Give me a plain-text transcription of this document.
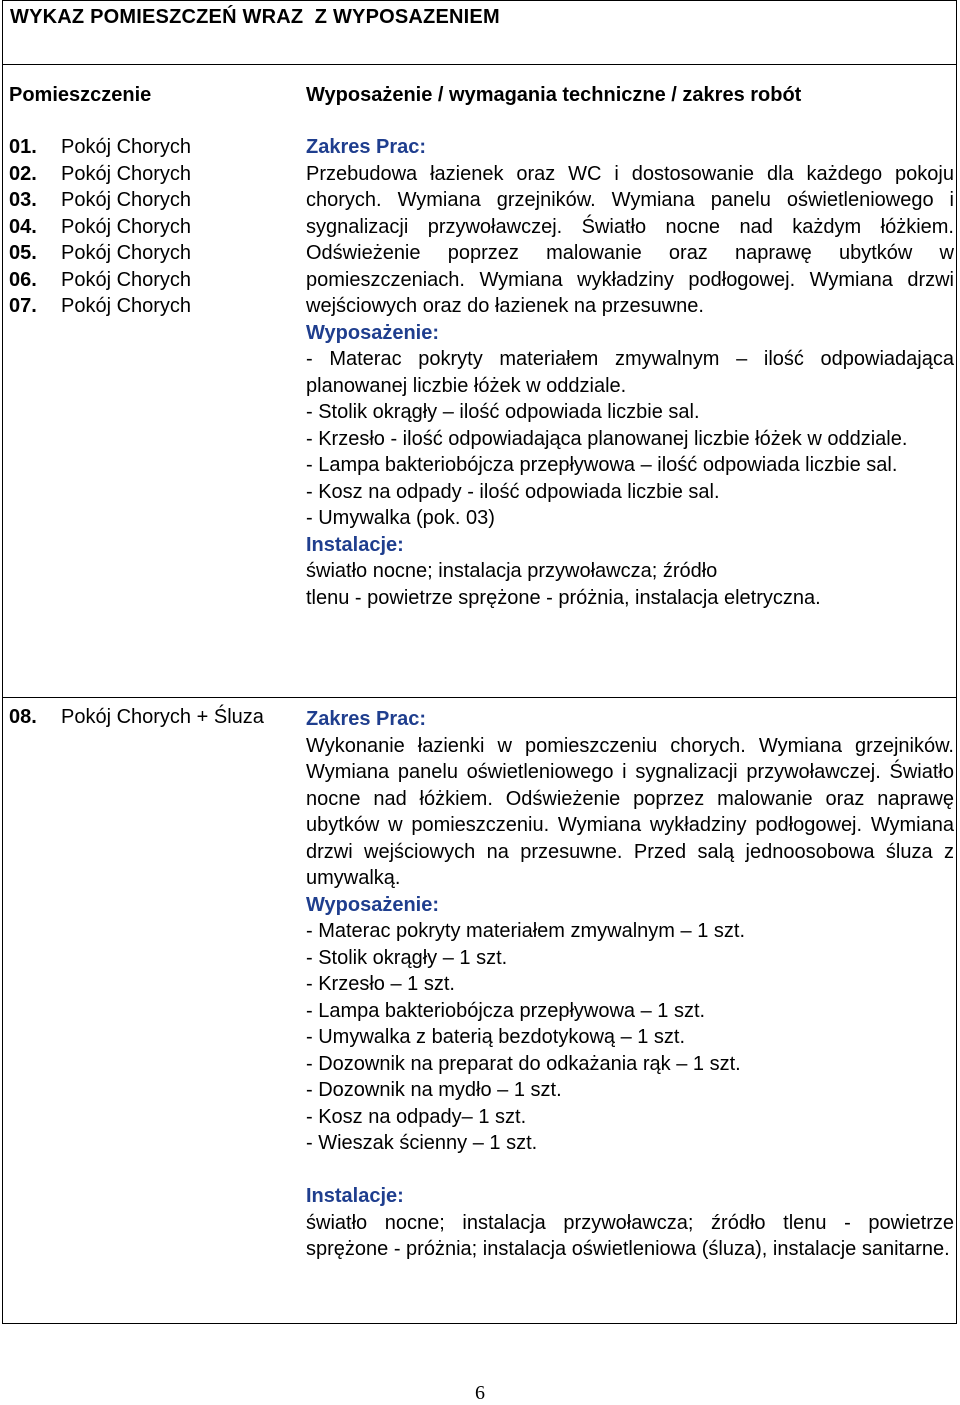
WYKAZ POMIESZCZEŃ WRAZ  Z WYPOSAZENIEM
Pomieszczenie	Wyposażenie / wymagania techniczne / zakres robót
01. Pokój Chorych
02. Pokój Chorych
03. Pokój Chorych
04. Pokój Chorych
05. Pokój Chorych
06. Pokój Chorych
07. Pokój Chorych
Zakres Prac:
Przebudowa łazienek oraz WC i dostosowanie dla każdego pokoju chorych. Wymiana grzejników. Wymiana panelu oświetleniowego i sygnalizacji przywoławczej. Światło nocne nad każdym łóżkiem. Odświeżenie poprzez malowanie oraz naprawę ubytków w pomieszczeniach. Wymiana wykładziny podłogowej. Wymiana drzwi wejściowych oraz do łazienek na przesuwne.
Wyposażenie:
- Materac pokryty materiałem zmywalnym – ilość odpowiadająca planowanej liczbie łóżek w oddziale.
- Stolik okrągły – ilość odpowiada liczbie sal.
- Krzesło - ilość odpowiadająca planowanej liczbie łóżek w oddziale.
- Lampa bakteriobójcza przepływowa – ilość odpowiada liczbie sal.
- Kosz na odpady - ilość odpowiada liczbie sal.
- Umywalka (pok. 03)
Instalacje:
światło nocne; instalacja przywoławcza; źródło
tlenu - powietrze sprężone - próżnia, instalacja eletryczna.
08. Pokój Chorych + Śluza Zakres Prac:
Wykonanie łazienki w pomieszczeniu chorych. Wymiana grzejników. Wymiana panelu oświetleniowego i sygnalizacji przywoławczej. Światło nocne nad łóżkiem. Odświeżenie poprzez malowanie oraz naprawę ubytków w pomieszczeniu. Wymiana wykładziny podłogowej. Wymiana drzwi wejściowych na przesuwne. Przed salą jednoosobowa śluza z umywalką.
Wyposażenie:
- Materac pokryty materiałem zmywalnym – 1 szt.
- Stolik okrągły – 1 szt.
- Krzesło – 1 szt.
- Lampa bakteriobójcza przepływowa – 1 szt.
- Umywalka z baterią bezdotykową – 1 szt.
- Dozownik na preparat do odkażania rąk – 1 szt.
- Dozownik na mydło – 1 szt.
- Kosz na odpady– 1 szt.
- Wieszak ścienny – 1 szt.
Instalacje:
światło nocne; instalacja przywoławcza; źródło tlenu - powietrze sprężone - próżnia; instalacja oświetleniowa (śluza), instalacje sanitarne.
6
